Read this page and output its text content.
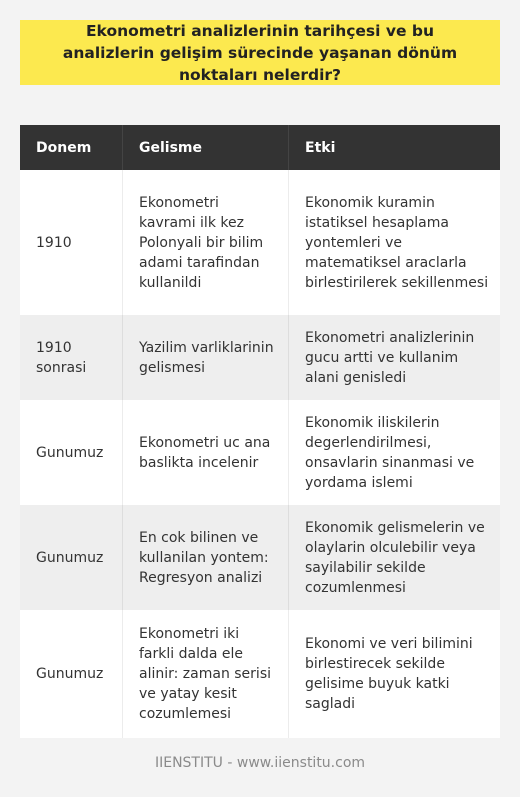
Ekonometri analizlerinin tarihçesi ve bu analizlerin gelişim sürecinde yaşanan dönüm noktaları nelerdir?
Donem	Gelisme	Etki
1910
Ekonometri kavrami ilk kez Polonyali bir bilim adami tarafindan kullanildi
Ekonomik kuramin istatiksel hesaplama yontemleri ve matematiksel araclarla birlestirilerek sekillenmesi
1910 sonrasi
Yazilim varliklarinin gelismesi
Ekonometri analizlerinin gucu artti ve kullanim alani genisledi
Gunumuz
Ekonometri uc ana baslikta incelenir
Ekonomik iliskilerin degerlendirilmesi, onsavlarin sinanmasi ve yordama islemi
Gunumuz
En cok bilinen ve kullanilan yontem: Regresyon analizi
Ekonomik gelismelerin ve olaylarin olculebilir veya sayilabilir sekilde cozumlenmesi
Gunumuz
Ekonometri iki farkli dalda ele alinir: zaman serisi ve yatay kesit cozumlemesi
Ekonomi ve veri bilimini birlestirecek sekilde gelisime buyuk katki sagladi
IIENSTITU - www.iienstitu.com
